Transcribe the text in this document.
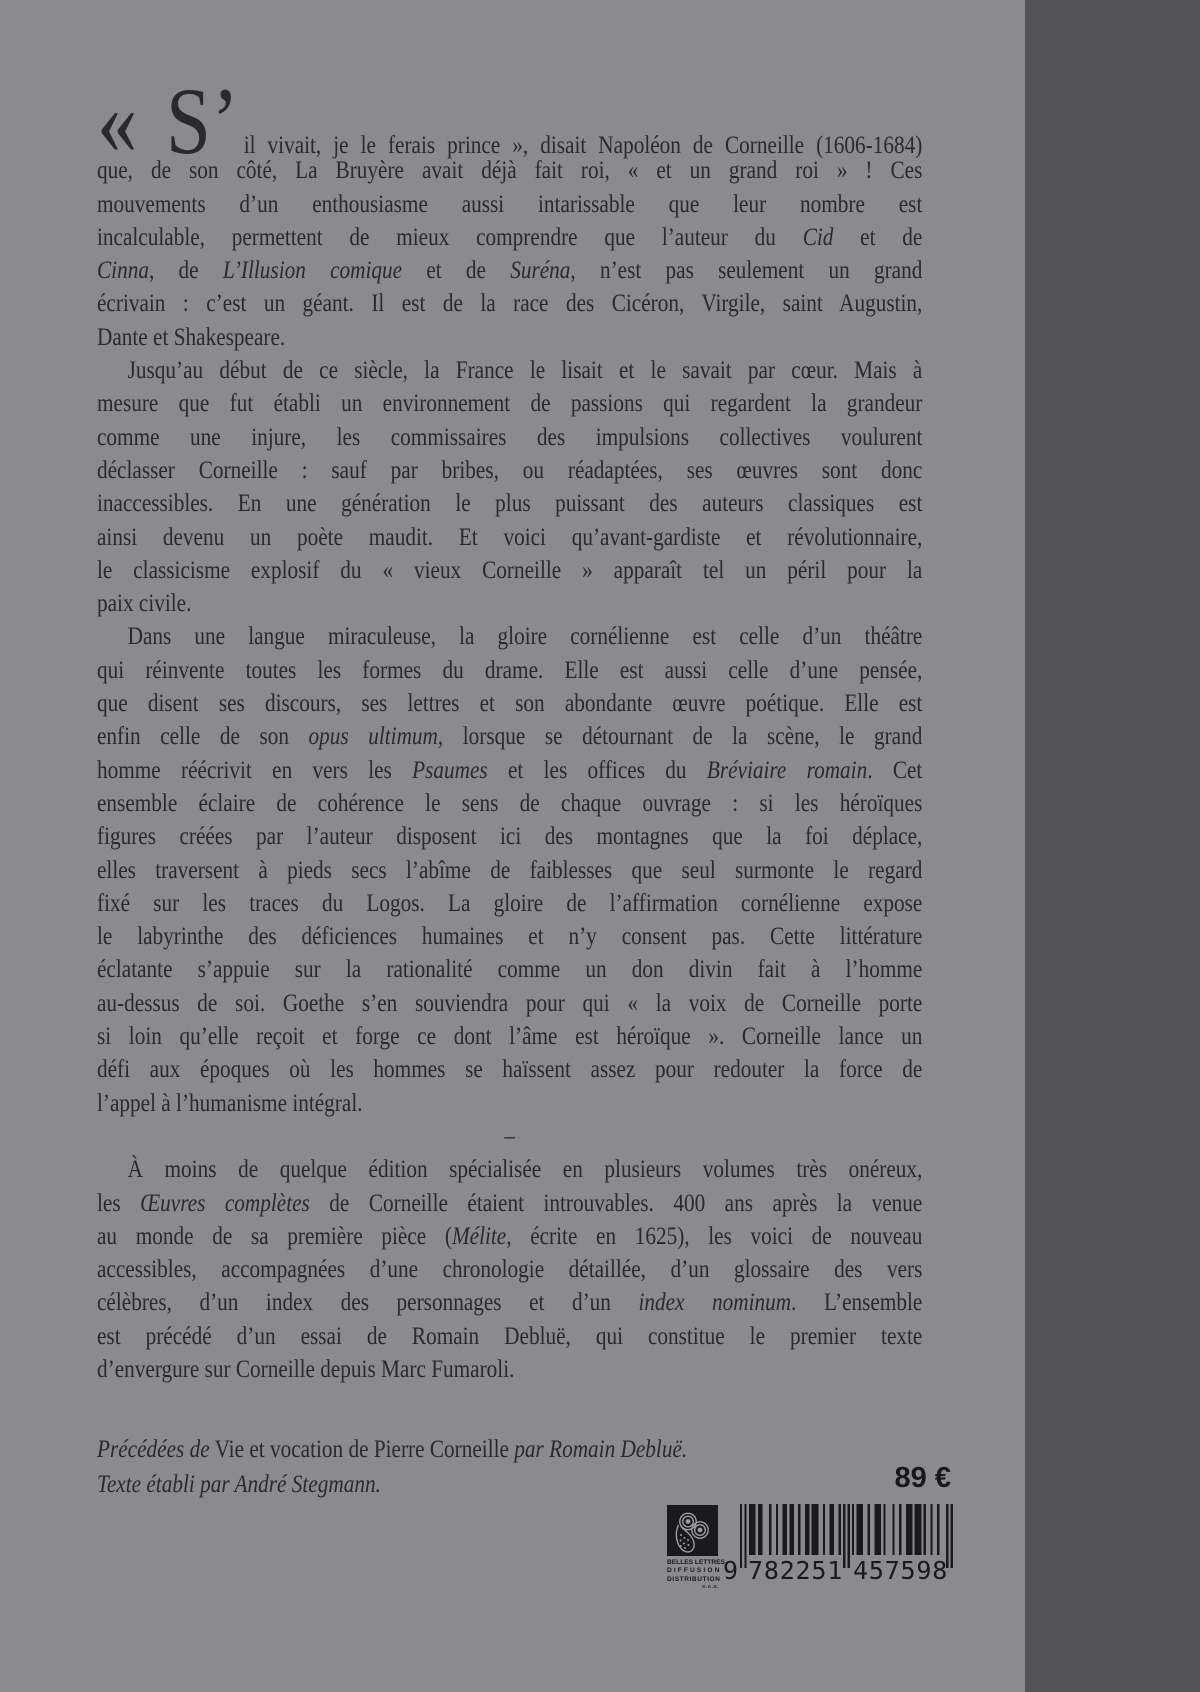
« S’ il vivait, je le ferais prince », disait Napoléon de Corneille (1606-1684)
que, de son côté, La Bruyère avait déjà fait roi, « et un grand roi » ! Ces
mouvements d’un enthousiasme aussi intarissable que leur nombre est
incalculable, permettent de mieux comprendre que l’auteur du Cid et de
Cinna, de L’Illusion comique et de Suréna, n’est pas seulement un grand
écrivain : c’est un géant. Il est de la race des Cicéron, Virgile, saint Augustin,
Dante et Shakespeare.
Jusqu’au début de ce siècle, la France le lisait et le savait par cœur. Mais à
mesure que fut établi un environnement de passions qui regardent la grandeur
comme une injure, les commissaires des impulsions collectives voulurent
déclasser Corneille : sauf par bribes, ou réadaptées, ses œuvres sont donc
inaccessibles. En une génération le plus puissant des auteurs classiques est
ainsi devenu un poète maudit. Et voici qu’avant-gardiste et révolutionnaire,
le classicisme explosif du « vieux Corneille » apparaît tel un péril pour la
paix civile.
Dans une langue miraculeuse, la gloire cornélienne est celle d’un théâtre
qui réinvente toutes les formes du drame. Elle est aussi celle d’une pensée,
que disent ses discours, ses lettres et son abondante œuvre poétique. Elle est
enfin celle de son opus ultimum, lorsque se détournant de la scène, le grand
homme réécrivit en vers les Psaumes et les offices du Bréviaire romain. Cet
ensemble éclaire de cohérence le sens de chaque ouvrage : si les héroïques
figures créées par l’auteur disposent ici des montagnes que la foi déplace,
elles traversent à pieds secs l’abîme de faiblesses que seul surmonte le regard
fixé sur les traces du Logos. La gloire de l’affirmation cornélienne expose
le labyrinthe des déficiences humaines et n’y consent pas. Cette littérature
éclatante s’appuie sur la rationalité comme un don divin fait à l’homme
au-dessus de soi. Goethe s’en souviendra pour qui « la voix de Corneille porte
si loin qu’elle reçoit et forge ce dont l’âme est héroïque ». Corneille lance un
défi aux époques où les hommes se haïssent assez pour redouter la force de
l’appel à l’humanisme intégral.
–
À moins de quelque édition spécialisée en plusieurs volumes très onéreux,
les Œuvres complètes de Corneille étaient introuvables. 400 ans après la venue
au monde de sa première pièce (Mélite, écrite en 1625), les voici de nouveau
accessibles, accompagnées d’une chronologie détaillée, d’un glossaire des vers
célèbres, d’un index des personnages et d’un index nominum. L’ensemble
est précédé d’un essai de Romain Debluë, qui constitue le premier texte
d’envergure sur Corneille depuis Marc Fumaroli.
Précédées de Vie et vocation de Pierre Corneille par Romain Debluë.
Texte établi par André Stegmann.	89 €
BELLES LETTRES
DIFFUSION
DISTRIBUTION
S.A.S.
9 782251 457598
